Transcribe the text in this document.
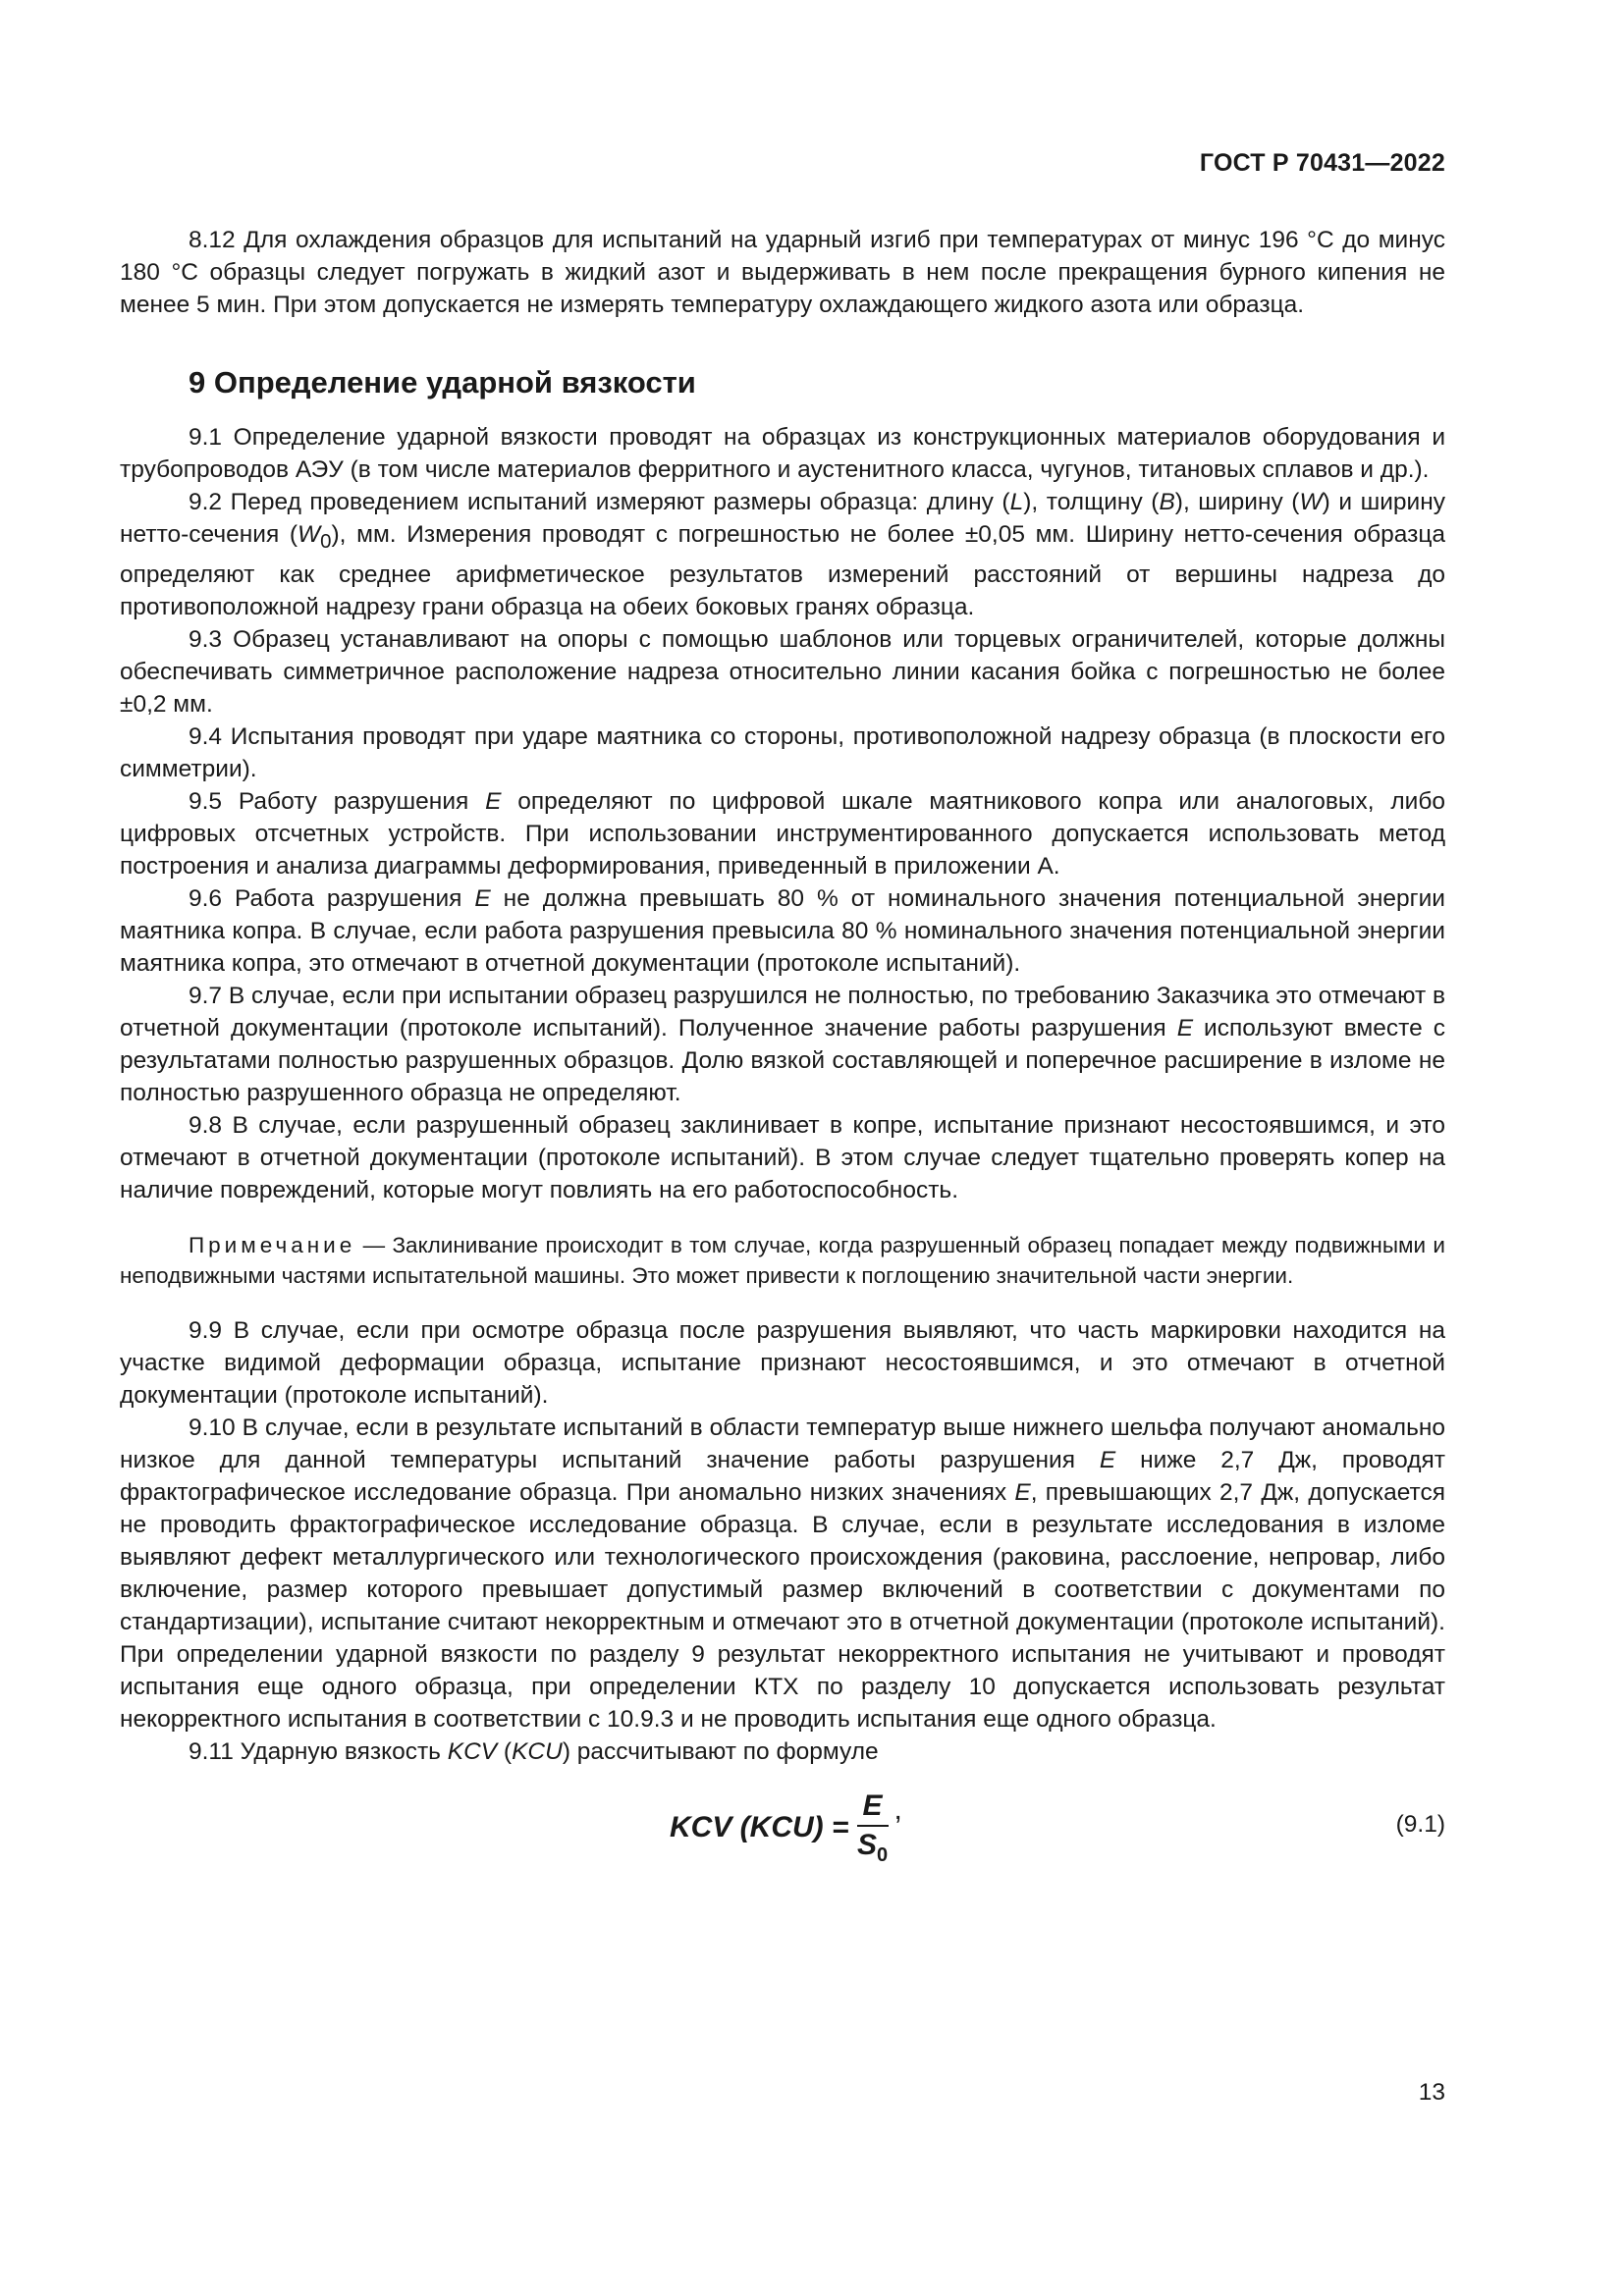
ГОСТ Р 70431—2022

8.12 Для охлаждения образцов для испытаний на ударный изгиб при температурах от минус 196 °С до минус 180 °С образцы следует погружать в жидкий азот и выдерживать в нем после прекращения бурного кипения не менее 5 мин. При этом допускается не измерять температуру охлаждающего жидкого азота или образца.

9 Определение ударной вязкости

9.1 Определение ударной вязкости проводят на образцах из конструкционных материалов оборудования и трубопроводов АЭУ (в том числе материалов ферритного и аустенитного класса, чугунов, титановых сплавов и др.).

9.2 Перед проведением испытаний измеряют размеры образца: длину (L), толщину (B), ширину (W) и ширину нетто-сечения $(W_0)$, мм. Измерения проводят с погрешностью не более ±0,05 мм. Ширину нетто-сечения образца определяют как среднее арифметическое результатов измерений расстояний от вершины надреза до противоположной надрезу грани образца на обеих боковых гранях образца.

9.3 Образец устанавливают на опоры с помощью шаблонов или торцевых ограничителей, которые должны обеспечивать симметричное расположение надреза относительно линии касания бойка с погрешностью не более ±0,2 мм.

9.4 Испытания проводят при ударе маятника со стороны, противоположной надрезу образца (в плоскости его симметрии).

9.5 Работу разрушения E определяют по цифровой шкале маятникового копра или аналоговых, либо цифровых отсчетных устройств. При использовании инструментированного допускается использовать метод построения и анализа диаграммы деформирования, приведенный в приложении А.

9.6 Работа разрушения E не должна превышать 80 % от номинального значения потенциальной энергии маятника копра. В случае, если работа разрушения превысила 80 % номинального значения потенциальной энергии маятника копра, это отмечают в отчетной документации (протоколе испытаний).

9.7 В случае, если при испытании образец разрушился не полностью, по требованию Заказчика это отмечают в отчетной документации (протоколе испытаний). Полученное значение работы разрушения E используют вместе с результатами полностью разрушенных образцов. Долю вязкой составляющей и поперечное расширение в изломе не полностью разрушенного образца не определяют.

9.8 В случае, если разрушенный образец заклинивает в копре, испытание признают несостоявшимся, и это отмечают в отчетной документации (протоколе испытаний). В этом случае следует тщательно проверять копер на наличие повреждений, которые могут повлиять на его работоспособность.

Примечание — Заклинивание происходит в том случае, когда разрушенный образец попадает между подвижными и неподвижными частями испытательной машины. Это может привести к поглощению значительной части энергии.

9.9 В случае, если при осмотре образца после разрушения выявляют, что часть маркировки находится на участке видимой деформации образца, испытание признают несостоявшимся, и это отмечают в отчетной документации (протоколе испытаний).

9.10 В случае, если в результате испытаний в области температур выше нижнего шельфа получают аномально низкое для данной температуры испытаний значение работы разрушения E ниже 2,7 Дж, проводят фрактографическое исследование образца. При аномально низких значениях E, превышающих 2,7 Дж, допускается не проводить фрактографическое исследование образца. В случае, если в результате исследования в изломе выявляют дефект металлургического или технологического происхождения (раковина, расслоение, непровар, либо включение, размер которого превышает допустимый размер включений в соответствии с документами по стандартизации), испытание считают некорректным и отмечают это в отчетной документации (протоколе испытаний). При определении ударной вязкости по разделу 9 результат некорректного испытания не учитывают и проводят испытания еще одного образца, при определении КТХ по разделу 10 допускается использовать результат некорректного испытания в соответствии с 10.9.3 и не проводить испытания еще одного образца.

9.11 Ударную вязкость KCV (KCU) рассчитывают по формуле

KCV $(KCU) = \frac{E}{S_0}$ ,	(9.1)
13
